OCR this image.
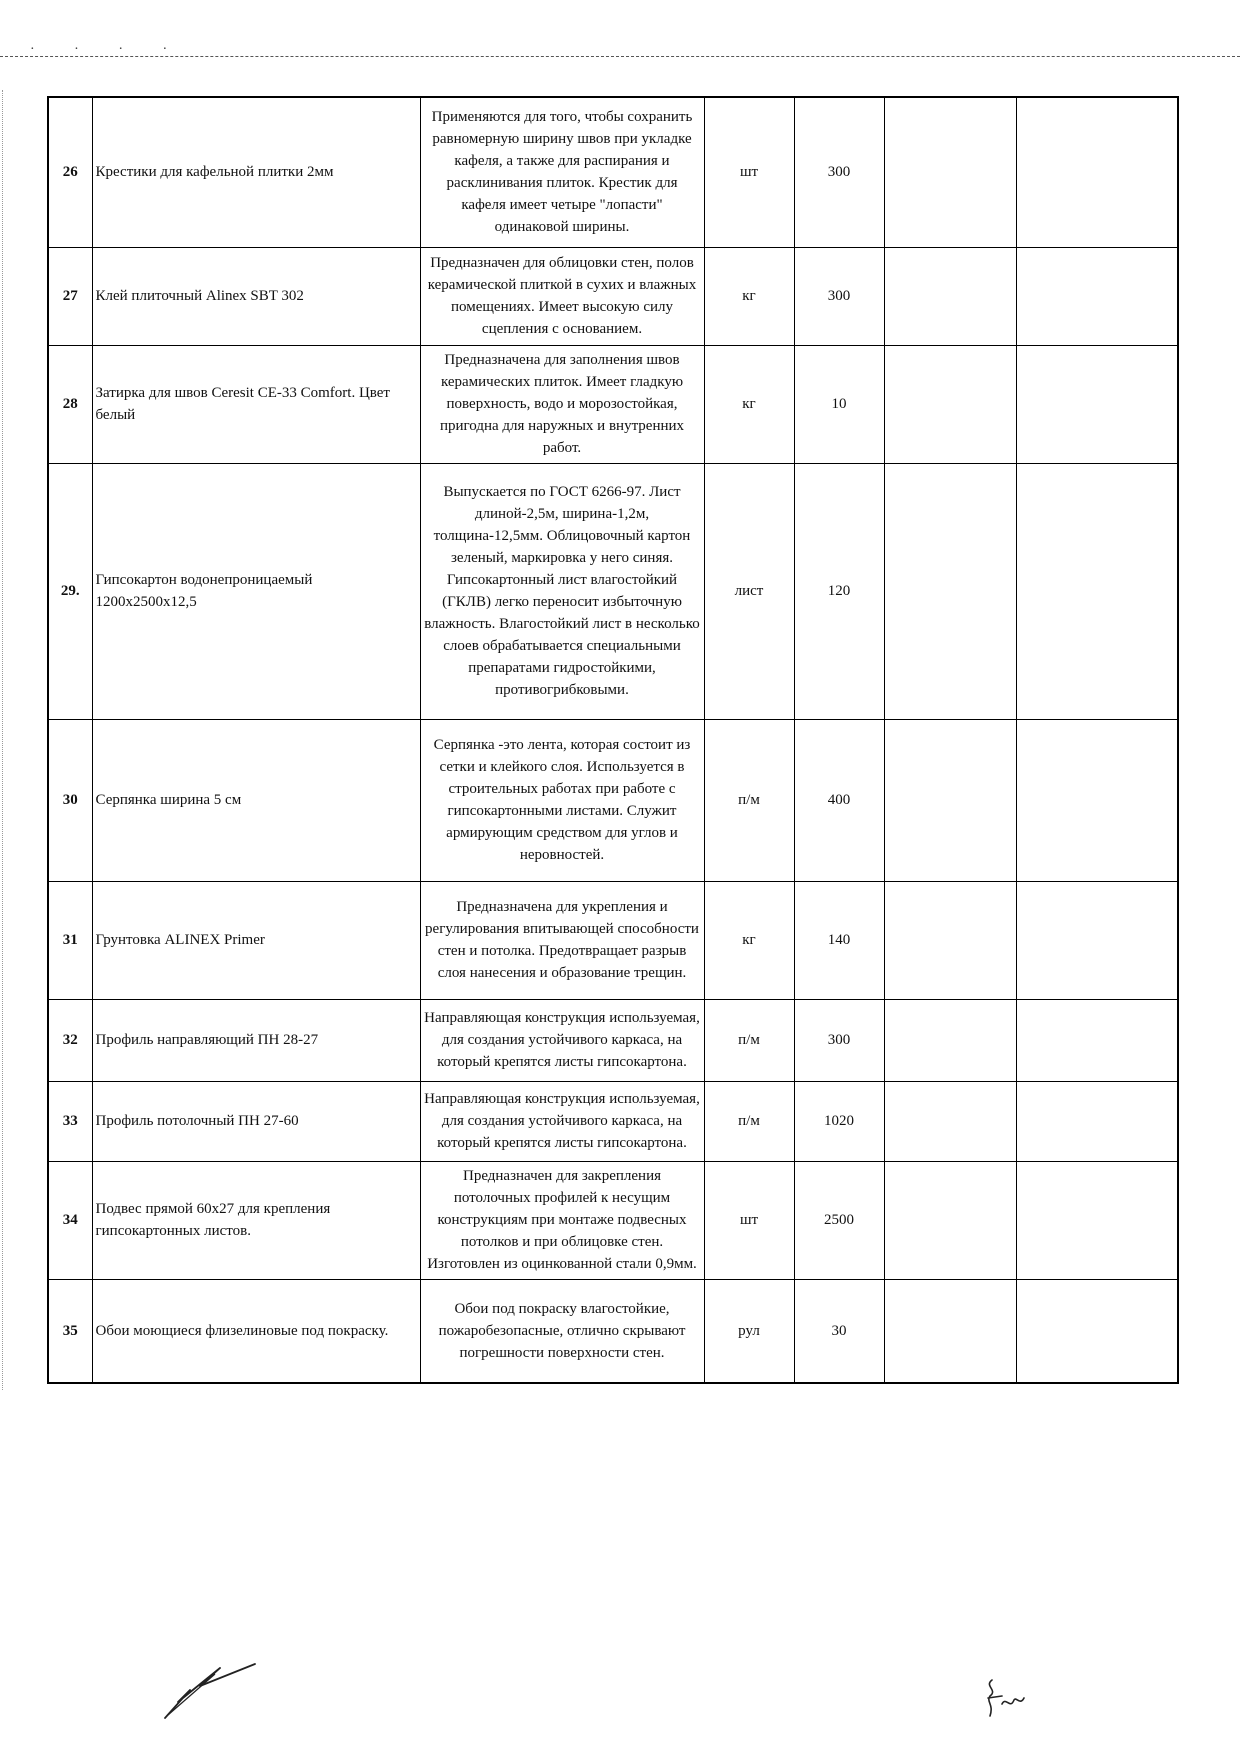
· · · ·
26	Крестики для кафельной плитки 2мм	Применяются для того, чтобы сохранить равномерную ширину швов при укладке кафеля, а также для распирания и расклинивания плиток. Крестик для кафеля имеет четыре "лопасти" одинаковой ширины.	шт	300		
27	Клей плиточный Alinex SBT 302	Предназначен для облицовки стен, полов керамической плиткой в сухих и влажных помещениях. Имеет высокую силу сцепления с основанием.	кг	300		
28	Затирка для швов Ceresit CE-33 Comfort. Цвет белый	Предназначена для заполнения швов керамических плиток. Имеет гладкую поверхность, водо и морозостойкая, пригодна для наружных и внутренних работ.	кг	10		
29.	Гипсокартон водонепроницаемый 1200х2500х12,5	Выпускается по ГОСТ 6266-97. Лист длиной-2,5м, ширина-1,2м, толщина-12,5мм. Облицовочный картон зеленый, маркировка у него синяя. Гипсокартонный лист влагостойкий (ГКЛВ) легко переносит избыточную влажность. Влагостойкий лист в несколько слоев обрабатывается специальными препаратами гидростойкими, противогрибковыми.	лист	120		
30	Серпянка ширина 5 см	Серпянка -это лента, которая состоит из сетки и клейкого слоя. Используется в строительных работах при работе с гипсокартонными листами. Служит армирующим средством для углов и неровностей.	п/м	400		
31	Грунтовка ALINEX Primer	Предназначена для укрепления и регулирования впитывающей способности стен и потолка. Предотвращает разрыв слоя нанесения и образование трещин.	кг	140		
32	Профиль направляющий ПН 28-27	Направляющая конструкция используемая, для создания устойчивого каркаса, на который крепятся листы гипсокартона.	п/м	300		
33	Профиль потолочный ПН 27-60	Направляющая конструкция используемая, для создания устойчивого каркаса, на который крепятся листы гипсокартона.	п/м	1020		
34	Подвес прямой 60х27 для крепления гипсокартонных листов.	Предназначен для закрепления потолочных профилей к несущим конструкциям при монтаже подвесных потолков и при облицовке стен. Изготовлен из оцинкованной стали 0,9мм.	шт	2500		
35	Обои моющиеся флизелиновые под покраску.	Обои под покраску влагостойкие, пожаробезопасные, отлично скрывают погрешности поверхности стен.	рул	30		
